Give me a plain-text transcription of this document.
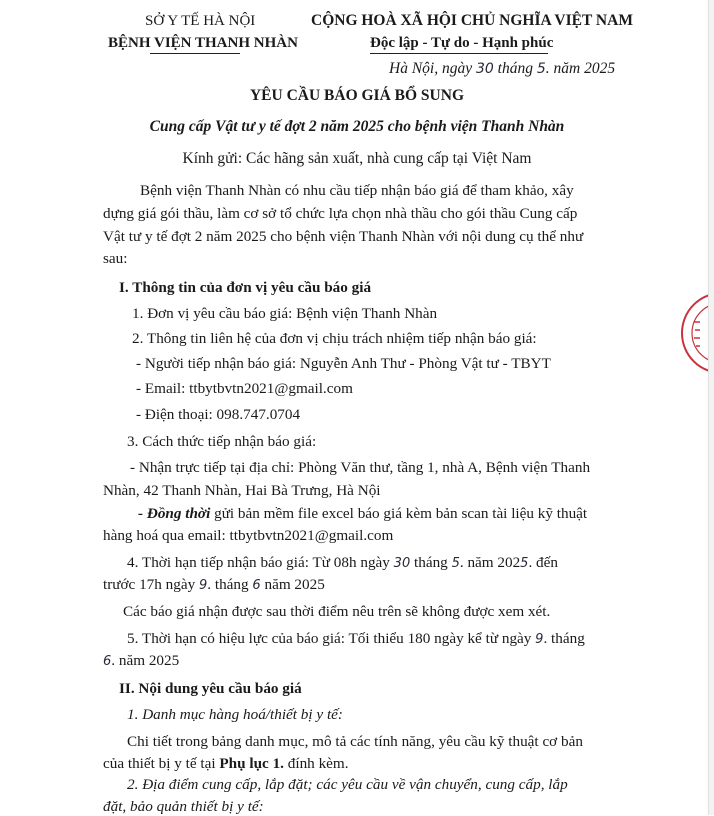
SỞ Y TẾ HÀ NỘI
BỆNH VIỆN THANH NHÀN
CỘNG HOÀ XÃ HỘI CHỦ NGHĨA VIỆT NAM
Độc lập - Tự do - Hạnh phúc
Hà Nội, ngày 30 tháng 5. năm 2025
YÊU CẦU BÁO GIÁ BỔ SUNG
Cung cấp Vật tư y tế đợt 2 năm 2025 cho bệnh viện Thanh Nhàn
Kính gửi: Các hãng sản xuất, nhà cung cấp tại Việt Nam
Bệnh viện Thanh Nhàn có nhu cầu tiếp nhận báo giá để tham khảo, xây
dựng giá gói thầu, làm cơ sở tổ chức lựa chọn nhà thầu cho gói thầu Cung cấp
Vật tư y tế đợt 2 năm 2025 cho bệnh viện Thanh Nhàn với nội dung cụ thể như
sau:
I. Thông tin của đơn vị yêu cầu báo giá
1. Đơn vị yêu cầu báo giá: Bệnh viện Thanh Nhàn
2. Thông tin liên hệ của đơn vị chịu trách nhiệm tiếp nhận báo giá:
- Người tiếp nhận báo giá: Nguyễn Anh Thư - Phòng Vật tư - TBYT
- Email: ttbytbvtn2021@gmail.com
- Điện thoại: 098.747.0704
3. Cách thức tiếp nhận báo giá:
- Nhận trực tiếp tại địa chỉ: Phòng Văn thư, tầng 1, nhà A, Bệnh viện Thanh
Nhàn, 42 Thanh Nhàn, Hai Bà Trưng, Hà Nội
- Đồng thời gửi bản mềm file excel báo giá kèm bản scan tài liệu kỹ thuật
hàng hoá qua email: ttbytbvtn2021@gmail.com
4. Thời hạn tiếp nhận báo giá: Từ 08h ngày 30 tháng 5. năm 2025. đến
trước 17h ngày 9. tháng 6 năm 2025
Các báo giá nhận được sau thời điểm nêu trên sẽ không được xem xét.
5. Thời hạn có hiệu lực của báo giá: Tối thiểu 180 ngày kể từ ngày 9. tháng
6. năm 2025
II. Nội dung yêu cầu báo giá
1. Danh mục hàng hoá/thiết bị y tế:
Chi tiết trong bảng danh mục, mô tả các tính năng, yêu cầu kỹ thuật cơ bản
của thiết bị y tế tại Phụ lục 1. đính kèm.
2. Địa điểm cung cấp, lắp đặt; các yêu cầu về vận chuyển, cung cấp, lắp
đặt, bảo quản thiết bị y tế:
